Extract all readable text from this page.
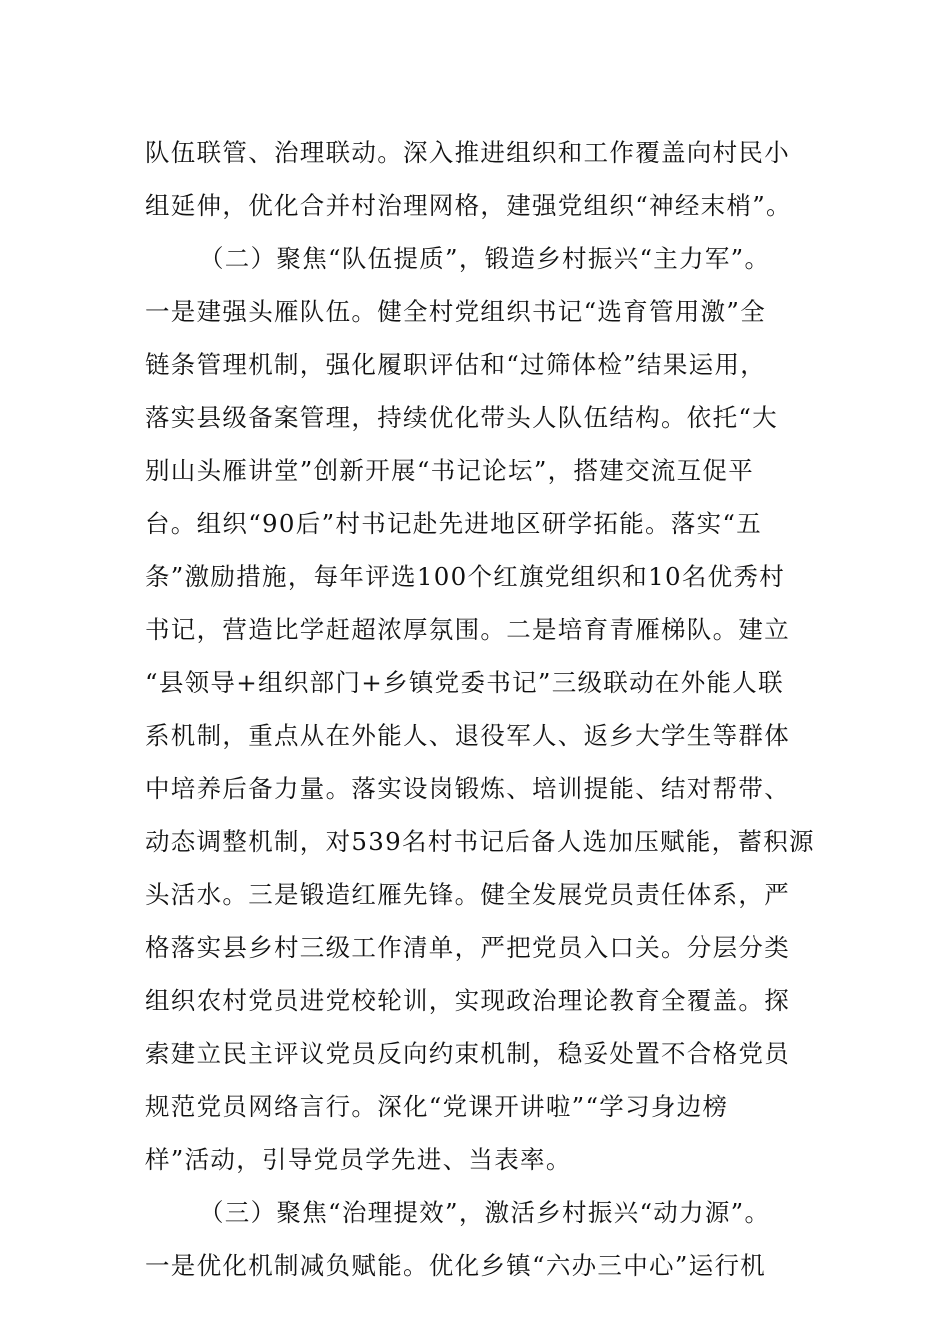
队伍联管、治理联动。深入推进组织和工作覆盖向村民小
组延伸，优化合并村治理网格，建强党组织“神经末梢”。
（二）聚焦“队伍提质”，锻造乡村振兴“主力军”。
一是建强头雁队伍。健全村党组织书记“选育管用激”全
链条管理机制，强化履职评估和“过筛体检”结果运用，
落实县级备案管理，持续优化带头人队伍结构。依托“大
别山头雁讲堂”创新开展“书记论坛”，搭建交流互促平
台。组织“90后”村书记赴先进地区研学拓能。落实“五
条”激励措施，每年评选100个红旗党组织和10名优秀村
书记，营造比学赶超浓厚氛围。二是培育青雁梯队。建立
“县领导+组织部门+乡镇党委书记”三级联动在外能人联
系机制，重点从在外能人、退役军人、返乡大学生等群体
中培养后备力量。落实设岗锻炼、培训提能、结对帮带、
动态调整机制，对539名村书记后备人选加压赋能，蓄积源
头活水。三是锻造红雁先锋。健全发展党员责任体系，严
格落实县乡村三级工作清单，严把党员入口关。分层分类
组织农村党员进党校轮训，实现政治理论教育全覆盖。探
索建立民主评议党员反向约束机制，稳妥处置不合格党员
规范党员网络言行。深化“党课开讲啦”“学习身边榜
样”活动，引导党员学先进、当表率。
（三）聚焦“治理提效”，激活乡村振兴“动力源”。
一是优化机制减负赋能。优化乡镇“六办三中心”运行机
